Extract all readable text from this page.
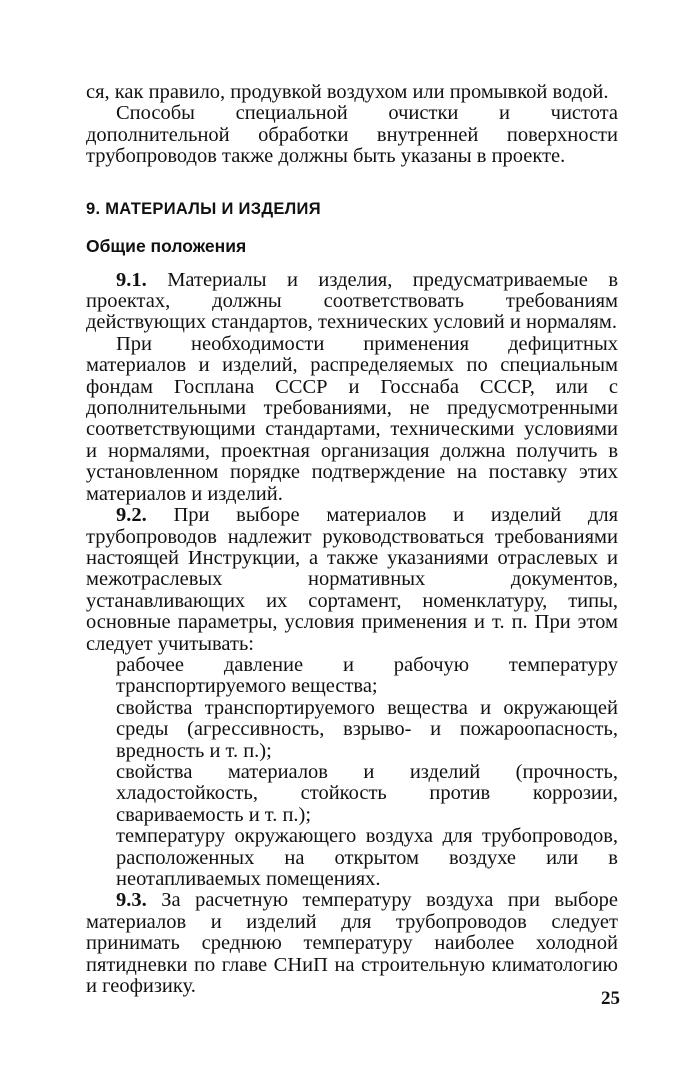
ся, как правило, продувкой воздухом или промывкой водой.

Способы специальной очистки и чистота дополнительной обработки внутренней поверхности трубопроводов также должны быть указаны в проекте.

9. МАТЕРИАЛЫ И ИЗДЕЛИЯ

Общие положения

9.1. Материалы и изделия, предусматриваемые в проектах, должны соответствовать требованиям действующих стандартов, технических условий и нормалям.

При необходимости применения дефицитных материалов и изделий, распределяемых по специальным фондам Госплана СССР и Госснаба СССР, или с дополнительными требованиями, не предусмотренными соответствующими стандартами, техническими условиями и нормалями, проектная организация должна получить в установленном порядке подтверждение на поставку этих материалов и изделий.

9.2. При выборе материалов и изделий для трубопроводов надлежит руководствоваться требованиями настоящей Инструкции, а также указаниями отраслевых и межотраслевых нормативных документов, устанавливающих их сортамент, номенклатуру, типы, основные параметры, условия применения и т. п. При этом следует учитывать:

рабочее давление и рабочую температуру транспортируемого вещества;

свойства транспортируемого вещества и окружающей среды (агрессивность, взрыво- и пожароопасность, вредность и т. п.);

свойства материалов и изделий (прочность, хладостойкость, стойкость против коррозии, свариваемость и т. п.);

температуру окружающего воздуха для трубопроводов, расположенных на открытом воздухе или в неотапливаемых помещениях.

9.3. За расчетную температуру воздуха при выборе материалов и изделий для трубопроводов следует принимать среднюю температуру наиболее холодной пятидневки по главе СНиП на строительную климатологию и геофизику.

25
